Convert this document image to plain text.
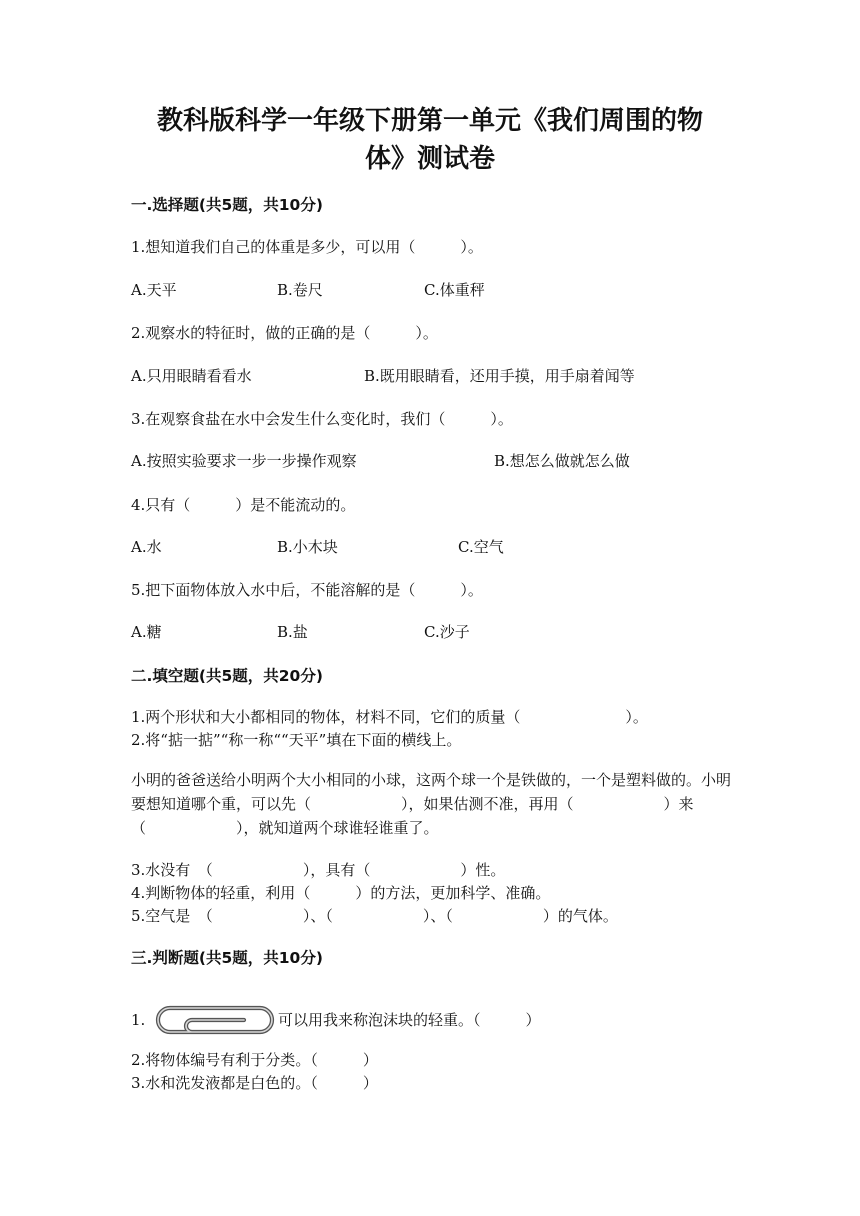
教科版科学一年级下册第一单元《我们周围的物
体》测试卷
一.选择题(共5题，共10分)
1.想知道我们自己的体重是多少，可以用（　　　）。
A.天平	B.卷尺	C.体重秤
2.观察水的特征时，做的正确的是（　　　）。
A.只用眼睛看看水	B.既用眼睛看，还用手摸，用手扇着闻等
3.在观察食盐在水中会发生什么变化时，我们（　　　）。
A.按照实验要求一步一步操作观察	B.想怎么做就怎么做
4.只有（　　　）是不能流动的。
A.水	B.小木块	C.空气
5.把下面物体放入水中后，不能溶解的是（　　　）。
A.糖	B.盐	C.沙子
二.填空题(共5题，共20分)
1.两个形状和大小都相同的物体，材料不同，它们的质量（　　　　　　　）。
2.将“掂一掂”“称一称““天平”填在下面的横线上。
小明的爸爸送给小明两个大小相同的小球，这两个球一个是铁做的，一个是塑料做的。小明要想知道哪个重，可以先（　　　　　　），如果估测不准，再用（　　　　　　）来（　　　　　　），就知道两个球谁轻谁重了。
3.水没有　（　　　　　　），具有（　　　　　　）性。
4.判断物体的轻重，利用（　　　）的方法，更加科学、准确。
5.空气是　（　　　　　　）、（　　　　　　）、（　　　　　　）的气体。
三.判断题(共5题，共10分)
1.	可以用我来称泡沫块的轻重。（　　　）
2.将物体编号有利于分类。（　　　）
3.水和洗发液都是白色的。（　　　）
